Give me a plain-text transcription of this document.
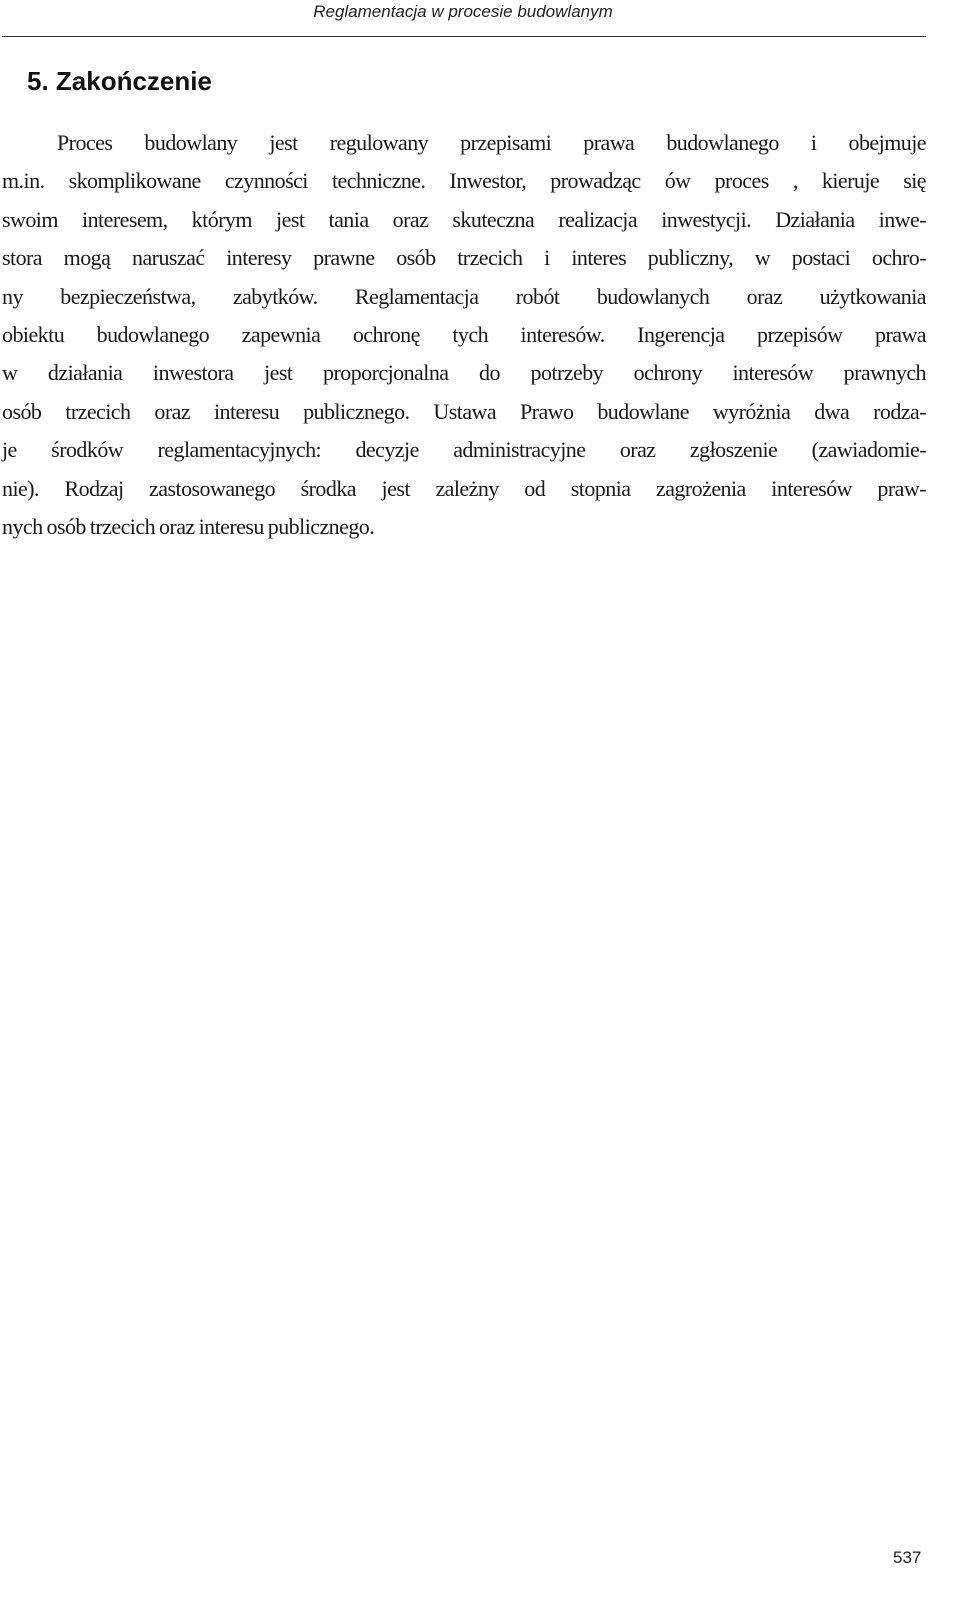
Reglamentacja w procesie budowlanym
5. Zakończenie
Proces budowlany jest regulowany przepisami prawa budowlanego i obejmuje
m.in. skomplikowane czynności techniczne. Inwestor, prowadząc ów proces , kieruje się
swoim interesem, którym jest tania oraz skuteczna realizacja inwestycji. Działania inwe-
stora mogą naruszać interesy prawne osób trzecich i interes publiczny, w postaci ochro-
ny bezpieczeństwa, zabytków. Reglamentacja robót budowlanych oraz użytkowania
obiektu budowlanego zapewnia ochronę tych interesów. Ingerencja przepisów prawa
w działania inwestora jest proporcjonalna do potrzeby ochrony interesów prawnych
osób trzecich oraz interesu publicznego. Ustawa Prawo budowlane wyróżnia dwa rodza-
je środków reglamentacyjnych: decyzje administracyjne oraz zgłoszenie (zawiadomie-
nie). Rodzaj zastosowanego środka jest zależny od stopnia zagrożenia interesów praw-
nych osób trzecich oraz interesu publicznego.
537
